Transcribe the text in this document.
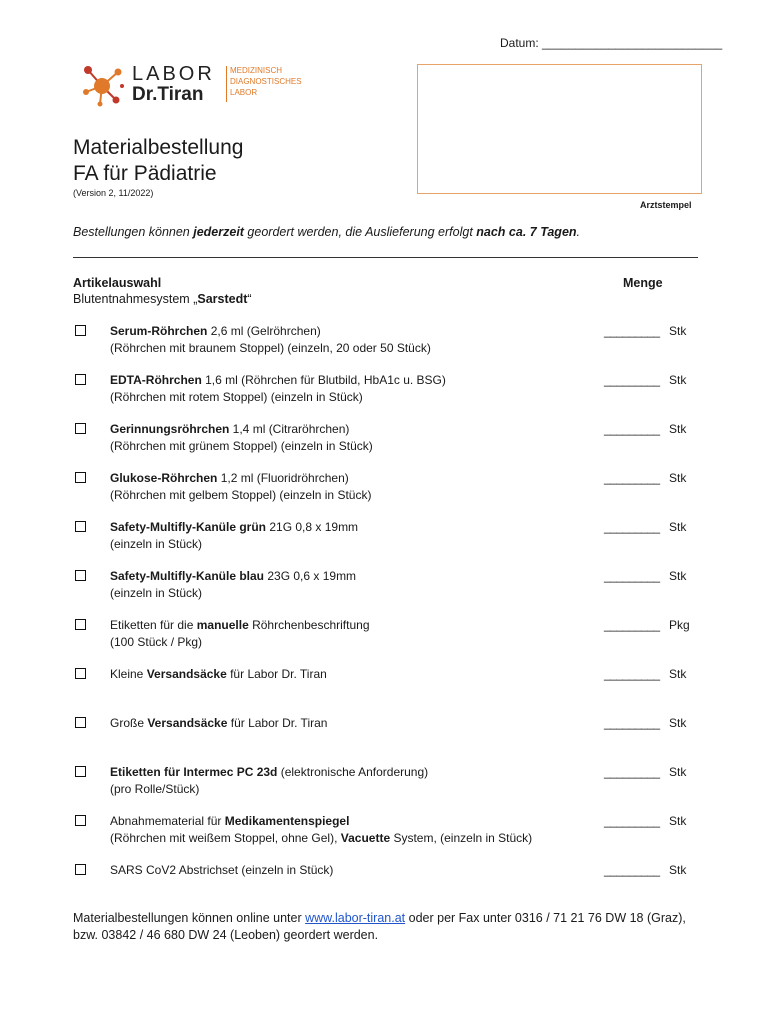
Datum: ___________________________
LABOR
Dr.Tiran
MEDIZINISCH
DIAGNOSTISCHES
LABOR
Arztstempel
Materialbestellung
FA für Pädiatrie
(Version 2, 11/2022)
Bestellungen können jederzeit geordert werden, die Auslieferung erfolgt nach ca. 7 Tagen.
Artikelauswahl
Blutentnahmesystem „Sarstedt“
Menge
Serum-Röhrchen 2,6 ml (Gelröhrchen)
(Röhrchen mit braunem Stoppel) (einzeln, 20 oder 50 Stück)
_________ Stk
EDTA-Röhrchen 1,6 ml (Röhrchen für Blutbild, HbA1c u. BSG)
(Röhrchen mit rotem Stoppel) (einzeln in Stück)
_________ Stk
Gerinnungsröhrchen 1,4 ml (Citraröhrchen)
(Röhrchen mit grünem Stoppel) (einzeln in Stück)
_________ Stk
Glukose-Röhrchen 1,2 ml (Fluoridröhrchen)
(Röhrchen mit gelbem Stoppel) (einzeln in Stück)
_________ Stk
Safety-Multifly-Kanüle grün 21G 0,8 x 19mm
(einzeln in Stück)
_________ Stk
Safety-Multifly-Kanüle blau 23G 0,6 x 19mm
(einzeln in Stück)
_________ Stk
Etiketten für die manuelle Röhrchenbeschriftung
(100 Stück / Pkg)
_________ Pkg
Kleine Versandsäcke für Labor Dr. Tiran	_________ Stk
Große Versandsäcke für Labor Dr. Tiran	_________ Stk
Etiketten für Intermec PC 23d (elektronische Anforderung)
(pro Rolle/Stück)
_________ Stk
Abnahmematerial für Medikamentenspiegel
(Röhrchen mit weißem Stoppel, ohne Gel), Vacuette System, (einzeln in Stück)
_________ Stk
SARS CoV2 Abstrichset (einzeln in Stück)	_________ Stk
Materialbestellungen können online unter www.labor-tiran.at oder per Fax unter 0316 / 71 21 76 DW 18 (Graz), bzw. 03842 / 46 680 DW 24 (Leoben) geordert werden.
